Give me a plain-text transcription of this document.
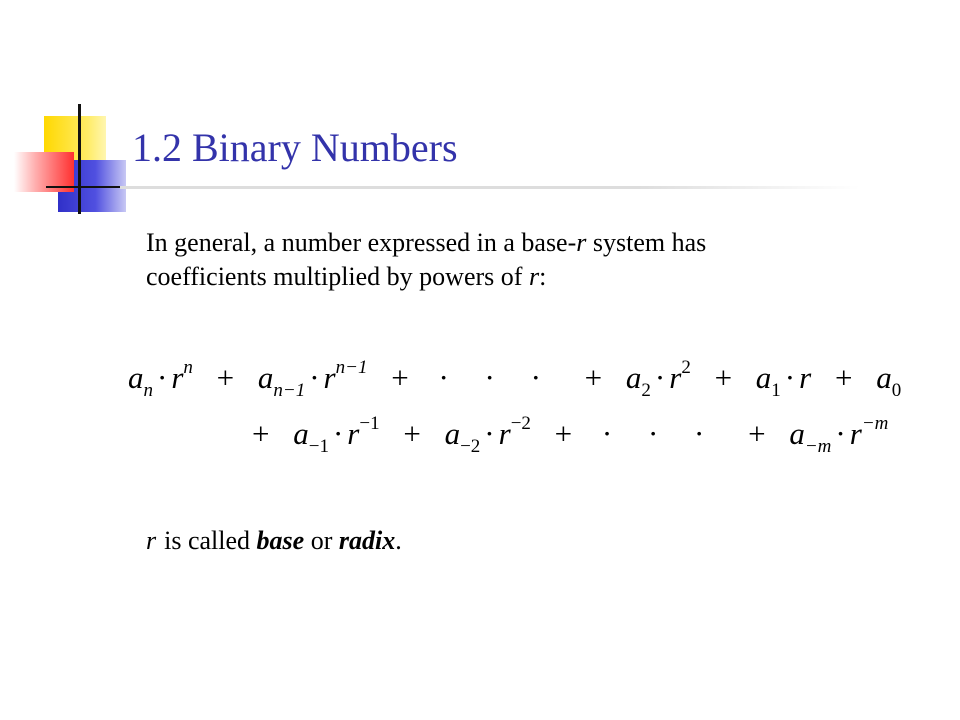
1.2 Binary Numbers
In general, a number expressed in a base-r system has
coefficients multiplied by powers of r:
$a_n \cdot r^n + a_{n-1} \cdot r^{n-1}$ + · · · + $a_2 \cdot r^2 + a_1 \cdot r + a_0$
+ $a_{-1} \cdot r^{-1} + a_{-2} \cdot r^{-2}$ + · · · + $a_{-m} \cdot r^{-m}$
r is called base or radix.
